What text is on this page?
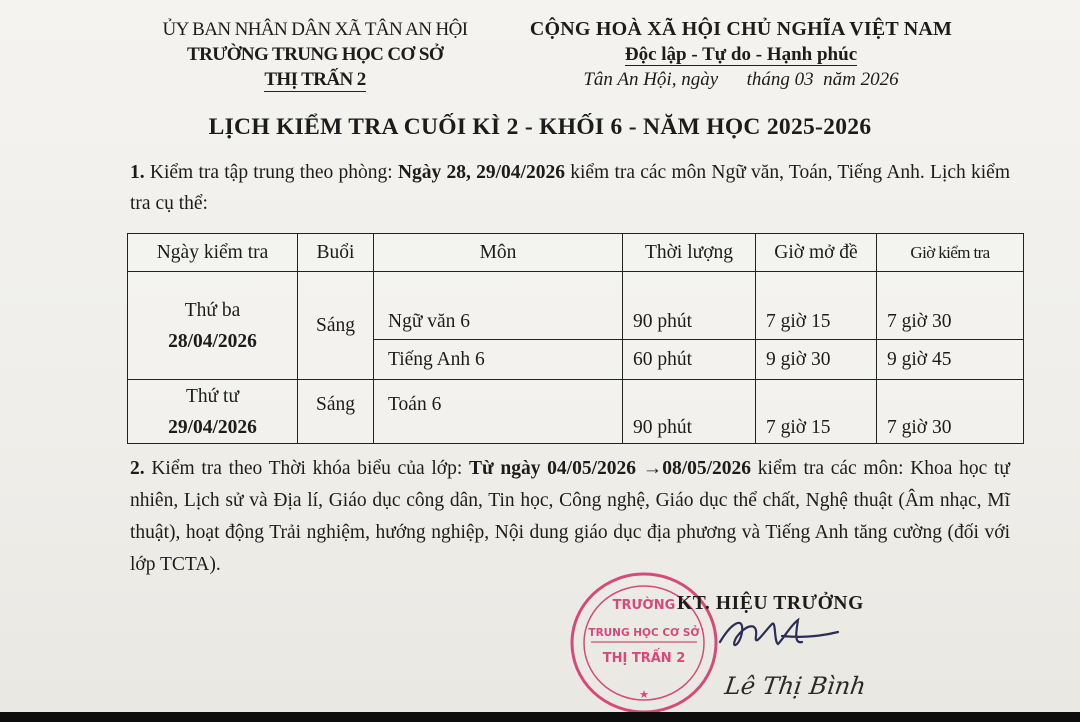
ỦY BAN NHÂN DÂN XÃ TÂN AN HỘI
TRƯỜNG TRUNG HỌC CƠ SỞ
THỊ TRẤN 2
CỘNG HOÀ XÃ HỘI CHỦ NGHĨA VIỆT NAM
Độc lập - Tự do - Hạnh phúc
Tân An Hội, ngày      tháng 03  năm 2026
LỊCH KIỂM TRA CUỐI KÌ 2 - KHỐI 6 - NĂM HỌC 2025-2026
1. Kiểm tra tập trung theo phòng: Ngày 28, 29/04/2026 kiểm tra các môn Ngữ văn, Toán, Tiếng Anh. Lịch kiểm tra cụ thể:
Ngày kiểm tra	Buổi	Môn	Thời lượng	Giờ mở đề	Giờ kiểm tra

Thứ ba
28/04/2026	Sáng	Ngữ văn 6	90 phút	7 giờ 15	7 giờ 30
		Tiếng Anh 6	60 phút	9 giờ 30	9 giờ 45

Thứ tư
29/04/2026	Sáng	Toán 6	90 phút	7 giờ 15	7 giờ 30
2. Kiểm tra theo Thời khóa biểu của lớp: Từ ngày 04/05/2026 →08/05/2026 kiểm tra các môn: Khoa học tự nhiên, Lịch sử và Địa lí, Giáo dục công dân, Tin học, Công nghệ, Giáo dục thể chất, Nghệ thuật (Âm nhạc, Mĩ thuật), hoạt động Trải nghiệm, hướng nghiệp, Nội dung giáo dục địa phương và Tiếng Anh tăng cường (đối với lớp TCTA).
TRƯỜNG
TRUNG HỌC CƠ SỞ
THỊ TRẤN 2
★
KT. HIỆU TRƯỞNG
Lê Thị Bình
